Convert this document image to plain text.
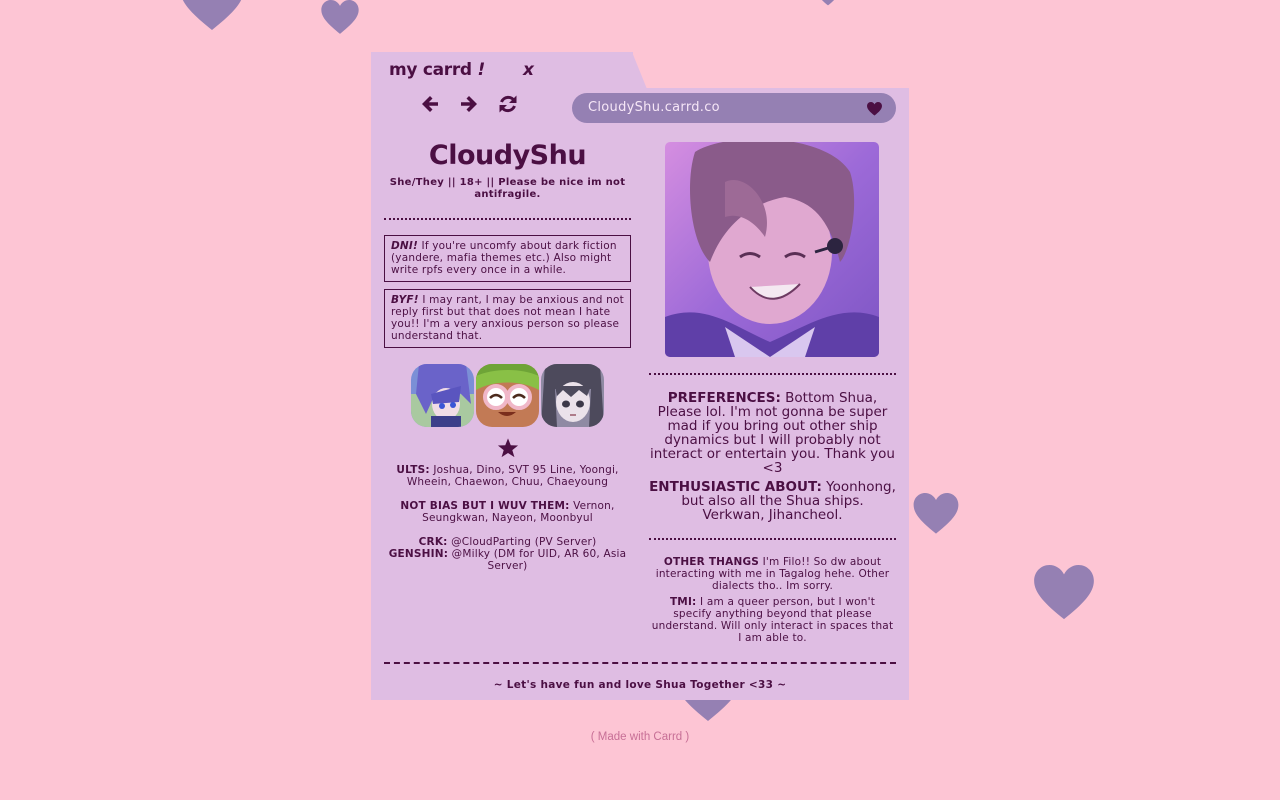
my carrd ! x
CloudyShu.carrd.co
CloudyShu
She/They || 18+ || Please be nice im not antifragile.
DNI! If you're uncomfy about dark fiction (yandere, mafia themes etc.) Also might write rpfs every once in a while.
BYF! I may rant, I may be anxious and not reply first but that does not mean I hate you!! I'm a very anxious person so please understand that.
ULTS: Joshua, Dino, SVT 95 Line, Yoongi, Wheein, Chaewon, Chuu, Chaeyoung
NOT BIAS BUT I WUV THEM: Vernon, Seungkwan, Nayeon, Moonbyul
CRK: @CloudParting (PV Server)
GENSHIN: @Milky (DM for UID, AR 60, Asia Server)
PREFERENCES: Bottom Shua, Please lol. I'm not gonna be super mad if you bring out other ship dynamics but I will probably not interact or entertain you. Thank you <3
ENTHUSIASTIC ABOUT: Yoonhong, but also all the Shua ships. Verkwan, Jihancheol.
OTHER THANGS I'm Filo!! So dw about interacting with me in Tagalog hehe. Other dialects tho.. Im sorry.
TMI: I am a queer person, but I won't specify anything beyond that please understand. Will only interact in spaces that I am able to.
~ Let's have fun and love Shua Together <33 ~
( Made with Carrd )
